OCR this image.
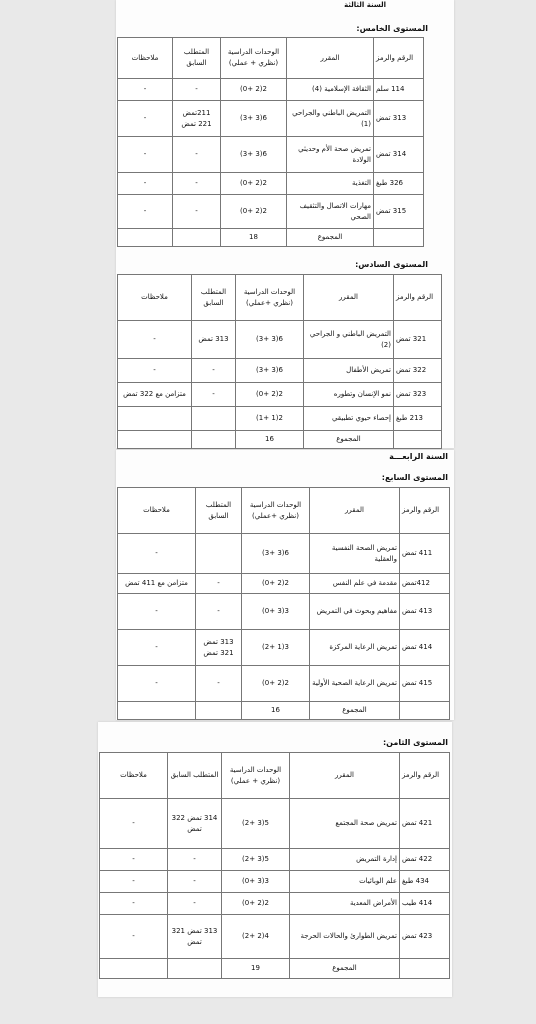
السنة الثالثة
المستوى الخامس:
الرقم والرمز	المقرر	الوحدات الدراسية (نظري + عملي)	المتطلب السابق	ملاحظات
114 سلم	الثقافة الإسلامية (4)	2(2 +0)	-	-
313 تمض	التمريض الباطني والجراحي (1)	6(3 +3)	211تمض 221 تمض	-
314 تمض	تمريض صحة الأم وحديثي الولادة	6(3 +3)	-	-
326 طبغ	التغذية	2(2 +0)	-	-
315 تمض	مهارات الاتصال والتثقيف الصحي	2(2 +0)	-	-
	المجموع	18		
المستوى السادس:
الرقم والرمز	المقرر	الوحدات الدراسية (نظري +عملي)	المتطلب السابق	ملاحظات
321 تمض	التمريض الباطني و الجراحي (2)	6(3 +3)	313 تمض	-
322 تمض	تمريض الأطفال	6(3 +3)	-	-
323 تمض	نمو الإنسان وتطوره	2(2 +0)	-	متزامن مع 322 تمض
213 طبغ	إحصاء حيوي تطبيقي	2(1 +1)		
	المجموع	16		
السنة الرابعـــة
المستوى السابع:
الرقم والرمز	المقرر	الوحدات الدراسية (نظري +عملي)	المتطلب السابق	ملاحظات
411 تمض	تمريض الصحة النفسية والعقلية	6(3 +3)		-
412تمض	مقدمة في علم النفس	2(2 +0)	-	متزامن مع 411 تمض
413 تمض	مفاهيم وبحوث في التمريض	3(3 +0)	-	-
414 تمض	تمريض الرعاية المركزة	3(1 +2)	313 تمض 321 تمض	-
415 تمض	تمريض الرعاية الصحية الأولية	2(2 +0)	-	-
	المجموع	16		
المستوى الثامن:
الرقم والرمز	المقرر	الوحدات الدراسية (نظري + عملي)	المتطلب السابق	ملاحظات
421 تمض	تمريض صحة المجتمع	5(3 +2)	314 تمض 322 تمض	-
422 تمض	إدارة التمريض	5(3 +2)	-	-
434 طبغ	علم الوبائيات	3(3 +0)	-	-
414 طيب	الأمراض المعدية	2(2 +0)	-	-
423 تمض	تمريض الطوارئ والحالات الحرجة	4(2 +2)	313 تمض 321 تمض	-
	المجموع	19		
